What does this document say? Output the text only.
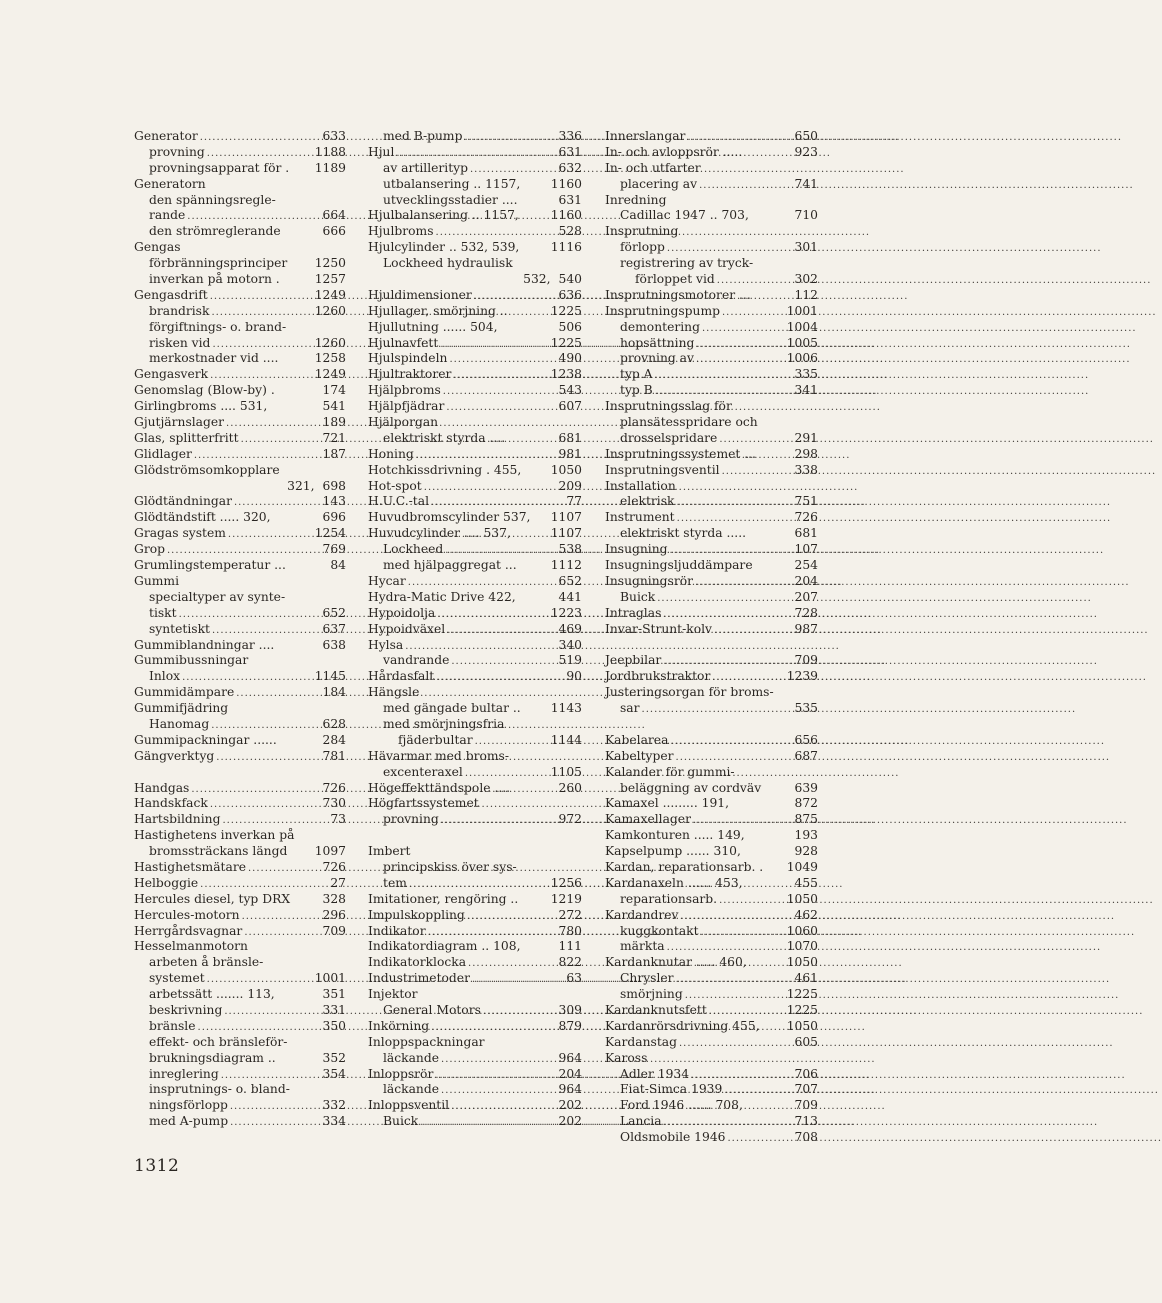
Generator .....	633
provning .....	1188
provningsapparat för . 1189
Generatorn
den spänningsregle-
rande .....	664
den strömreglerande	666
Gengas
förbränningsprinciper 1250
inverkan på motorn .	1257
Gengasdrift .....	1249
brandrisk .....	1260
förgiftnings- o. brand-
risken vid .....	1260
merkostnader vid ....	1258
Gengasverk .....	1249
Genomslag (Blow-by) .	174
Girlingbroms .... 531,	541
Gjutjärnslager .....	189
Glas, splitterfritt .....	721
Glidlager .....	187
Glödströmsomkopplare
321, 698
Glödtändningar .....	143
Glödtändstift ..... 320,	696
Gragas system .....	1254
Grop .....	769
Grumlingstemperatur ...	84
Gummi
specialtyper av synte-
tiskt .....	652
syntetiskt .....	637
Gummiblandningar ....	638
Gummibussningar
Inlox .....	1145
Gummidämpare .....	184
Gummifjädring
Hanomag .....	628
Gummipackningar ......	284
Gängverktyg .....	781
Handgas .....	726
Handskfack .....	730
Hartsbildning .....	73
Hastighetens inverkan på
bromssträckans längd 1097
Hastighetsmätare .....	726
Helboggie .....	27
Hercules diesel, typ DRX	328
Hercules-motorn .....	296
Herrgårdsvagnar .....	709
Hesselmanmotorn
arbeten å bränsle-
systemet .....	1001
arbetssätt ....... 113,	351
beskrivning .....	331
bränsle .....	350
effekt- och bränsleför-
brukningsdiagram ..	352
inreglering .....	354
insprutnings- o. bland-
ningsförlopp .....	332
med A-pump .....	334
med B-pump .....	336
Hjul .....	631
av artillerityp .....	632
utbalansering .. 1157, 1160
utvecklingsstadier ....	631
Hjulbalansering .. 1157,	1160
Hjulbroms .....	528
Hjulcylinder .. 532, 539,	1116
Lockheed hydraulisk
532, 540
Hjuldimensioner .....	636
Hjullager, smörjning ..	1225
Hjullutning ...... 504,	506
Hjulnavfett .....	1225
Hjulspindeln .....	490
Hjultraktorer .....	1238
Hjälpbroms .....	543
Hjälpfjädrar .....	607
Hjälporgan
elektriskt styrda ....	681
Honing .....	981
Hotchkissdrivning . 455, 1050
Hot-spot .....	209
H.U.C.-tal .....	77
Huvudbromscylinder 537, 1107
Huvudcylinder .... 537,	1107
Lockheed .....	538
med hjälpaggregat ...	1112
Hycar .....	652
Hydra-Matic Drive 422,	441
Hypoidolja .....	1223
Hypoidväxel .....	469
Hylsa .....	340
vandrande .....	519
Hårdasfalt .....	90
Hängsle
med gängade bultar .. 1143
med smörjningsfria
fjäderbultar .....	1144
Hävarmar med broms-
excenteraxel .....	1105
Högeffekttändspole ....	260
Högfartssystemet
provning .....	972
Imbert
principskiss över sys-
tem .....	1256
Imitationer, rengöring ..	1219
Impulskoppling .....	272
Indikator .....	780
Indikatordiagram .. 108,	111
Indikatorklocka .....	822
Industrimetoder .....	63
Injektor
General Motors .....	309
Inkörning .....	879
Inloppspackningar
läckande .....	964
Inloppsrör .....	204
läckande .....	964
Inloppsventil .....	202
Buick .....	202
Innerslangar .....	650
In- och avloppsrör .....	923
In- och utfarter
placering av .....	741
Inredning
Cadillac 1947 .. 703,	710
Insprutning
förlopp .....	301
registrering av tryck-
förloppet vid .....	302
Insprutningsmotorer ...	112
Insprutningspump .....	1001
demontering .....	1004
hopsättning .....	1005
provning av .....	1006
typ A .....	335
typ B .....	341
Insprutningsslag för
plansätesspridare och
drosselspridare .....	291
Insprutningssystemet ...	298
Insprutningsventil .....	338
Installation
elektrisk .....	751
Instrument .....	726
elektriskt styrda .....	681
Insugning .....	107
Insugningsljuddämpare	254
Insugningsrör .....	204
Buick .....	207
Intraglas .....	728
Invar-Strunt-kolv .....	987
Jeepbilar .....	709
Jordbrukstraktor .....	1239
Justeringsorgan för broms-
sar .....	535
Kabelarea .....	656
Kabeltyper .....	687
Kalander för gummi-
beläggning av cordväv	639
Kamaxel ......... 191,	872
Kamaxellager .....	875
Kamkonturen ..... 149,	193
Kapselpump ...... 310,	928
Kardan, reparationsarb. . 1049
Kardanaxeln ...... 453,	455
reparationsarb. .....	1050
Kardandrev .....	462
kuggkontakt .....	1060
märkta .....	1070
Kardanknutar ..... 460,	1050
Chrysler .....	461
smörjning .....	1225
Kardanknutsfett .....	1225
Kardanrörsdrivning 455, 1050
Kardanstag .....	605
Kaross
Adler 1934 .....	706
Fiat-Simca 1939 .....	707
Ford 1946 ...... 708,	709
Lancia .....	713
Oldsmobile 1946 .....	708
1312
